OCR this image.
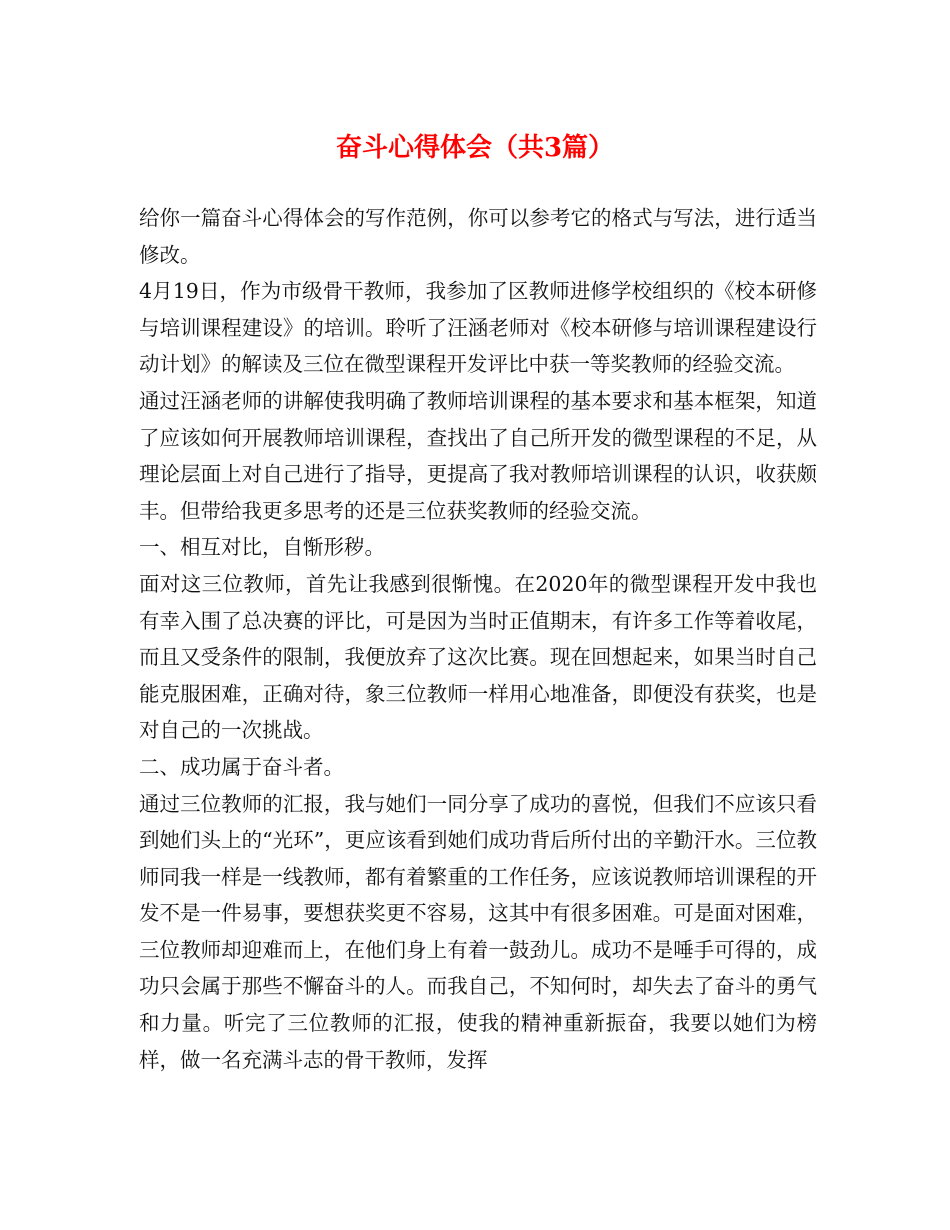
奋斗心得体会（共3篇）

给你一篇奋斗心得体会的写作范例，你可以参考它的格式与写法，进行适当修改。

4月19日，作为市级骨干教师，我参加了区教师进修学校组织的《校本研修与培训课程建设》的培训。聆听了汪涵老师对《校本研修与培训课程建设行动计划》的解读及三位在微型课程开发评比中获一等奖教师的经验交流。

通过汪涵老师的讲解使我明确了教师培训课程的基本要求和基本框架，知道了应该如何开展教师培训课程，查找出了自己所开发的微型课程的不足，从理论层面上对自己进行了指导，更提高了我对教师培训课程的认识，收获颇丰。但带给我更多思考的还是三位获奖教师的经验交流。

一、相互对比，自惭形秽。

面对这三位教师，首先让我感到很惭愧。在2020年的微型课程开发中我也有幸入围了总决赛的评比，可是因为当时正值期末，有许多工作等着收尾，而且又受条件的限制，我便放弃了这次比赛。现在回想起来，如果当时自己能克服困难，正确对待，象三位教师一样用心地准备，即便没有获奖，也是对自己的一次挑战。

二、成功属于奋斗者。

通过三位教师的汇报，我与她们一同分享了成功的喜悦，但我们不应该只看到她们头上的“光环”，更应该看到她们成功背后所付出的辛勤汗水。三位教师同我一样是一线教师，都有着繁重的工作任务，应该说教师培训课程的开发不是一件易事，要想获奖更不容易，这其中有很多困难。可是面对困难，三位教师却迎难而上，在他们身上有着一鼓劲儿。成功不是唾手可得的，成功只会属于那些不懈奋斗的人。而我自己，不知何时，却失去了奋斗的勇气和力量。听完了三位教师的汇报，使我的精神重新振奋，我要以她们为榜样，做一名充满斗志的骨干教师，发挥
